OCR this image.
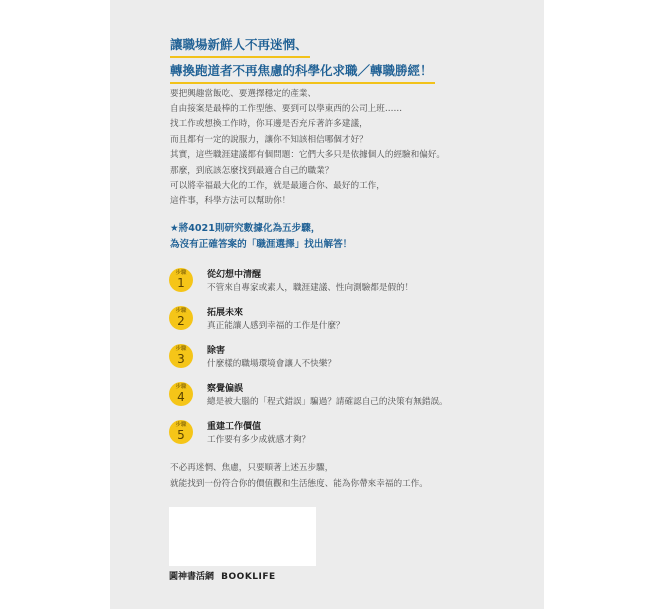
讓職場新鮮人不再迷惘、
轉換跑道者不再焦慮的科學化求職／轉職勝經！
要把興趣當飯吃、要選擇穩定的產業、
自由接案是最棒的工作型態、要到可以學東西的公司上班……
找工作或想換工作時，你耳邊是否充斥著許多建議，
而且都有一定的說服力，讓你不知該相信哪個才好？
其實，這些職涯建議都有個問題：它們大多只是依據個人的經驗和偏好。
那麼，到底該怎麼找到最適合自己的職業？
可以將幸福最大化的工作，就是最適合你、最好的工作，
這件事，科學方法可以幫助你！
★將4021則研究數據化為五步驟，
為沒有正確答案的「職涯選擇」找出解答！
步驟
1
從幻想中清醒
不管來自專家或素人，職涯建議、性向測驗都是假的！
步驟
2
拓展未來
真正能讓人感到幸福的工作是什麼？
步驟
3
除害
什麼樣的職場環境會讓人不快樂？
步驟
4
察覺偏誤
總是被大腦的「程式錯誤」騙過？請確認自己的決策有無錯誤。
步驟
5
重建工作價值
工作要有多少成就感才夠？
不必再迷惘、焦慮，只要順著上述五步驟，
就能找到一份符合你的價值觀和生活態度、能為你帶來幸福的工作。
圓神書活網 BOOKLIFE
